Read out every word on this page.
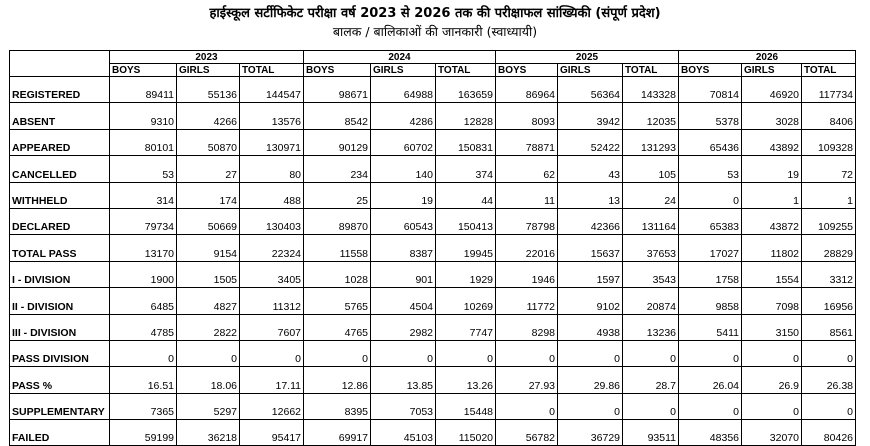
हाईस्कूल सर्टीफिकेट परीक्षा वर्ष 2023 से 2026 तक की परीक्षाफल सांख्यिकी (संपूर्ण प्रदेश)
बालक / बालिकाओं की जानकारी (स्वाध्यायी)
	2023			2024			2025			2026		
	BOYS	GIRLS	TOTAL	BOYS	GIRLS	TOTAL	BOYS	GIRLS	TOTAL	BOYS	GIRLS	TOTAL
REGISTERED	89411	55136	144547	98671	64988	163659	86964	56364	143328	70814	46920	117734
ABSENT	9310	4266	13576	8542	4286	12828	8093	3942	12035	5378	3028	8406
APPEARED	80101	50870	130971	90129	60702	150831	78871	52422	131293	65436	43892	109328
CANCELLED	53	27	80	234	140	374	62	43	105	53	19	72
WITHHELD	314	174	488	25	19	44	11	13	24	0	1	1
DECLARED	79734	50669	130403	89870	60543	150413	78798	42366	131164	65383	43872	109255
TOTAL PASS	13170	9154	22324	11558	8387	19945	22016	15637	37653	17027	11802	28829
I - DIVISION	1900	1505	3405	1028	901	1929	1946	1597	3543	1758	1554	3312
II - DIVISION	6485	4827	11312	5765	4504	10269	11772	9102	20874	9858	7098	16956
III - DIVISION	4785	2822	7607	4765	2982	7747	8298	4938	13236	5411	3150	8561
PASS DIVISION	0	0	0	0	0	0	0	0	0	0	0	0
PASS %	16.51	18.06	17.11	12.86	13.85	13.26	27.93	29.86	28.7	26.04	26.9	26.38
SUPPLEMENTARY	7365	5297	12662	8395	7053	15448	0	0	0	0	0	0
FAILED	59199	36218	95417	69917	45103	115020	56782	36729	93511	48356	32070	80426
